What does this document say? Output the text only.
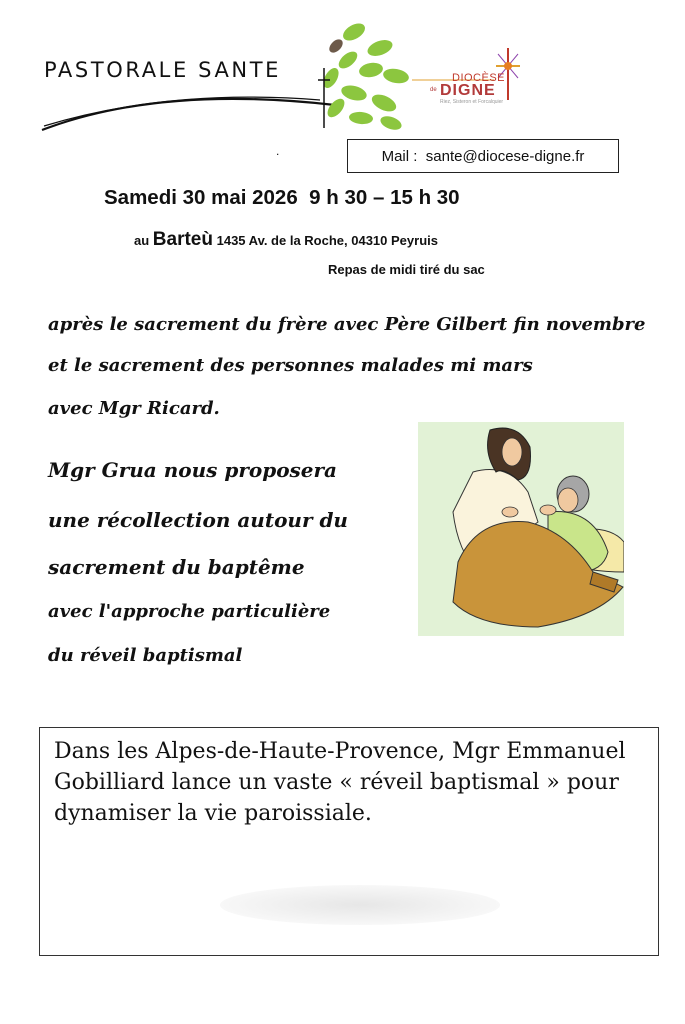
PASTORALE SANTE	DIOCÈSE
de DIGNE
Riez, Sisteron et Forcalquier
.	Mail :
sante@diocese-digne.fr
Samedi 30 mai 2026 9 h 30 – 15 h 30
au Barteù 1435 Av. de la Roche, 04310 Peyruis
Repas de midi tiré du sac
après le sacrement du frère avec Père Gilbert fin novembre
et le sacrement des personnes malades mi mars
avec Mgr Ricard.
Mgr Grua nous proposera
une récollection autour du
sacrement du baptême
avec l'approche particulière
du réveil baptismal
Dans les Alpes-de-Haute-Provence, Mgr Emmanuel Gobilliard lance un vaste « réveil baptismal » pour dynamiser la vie paroissiale.
